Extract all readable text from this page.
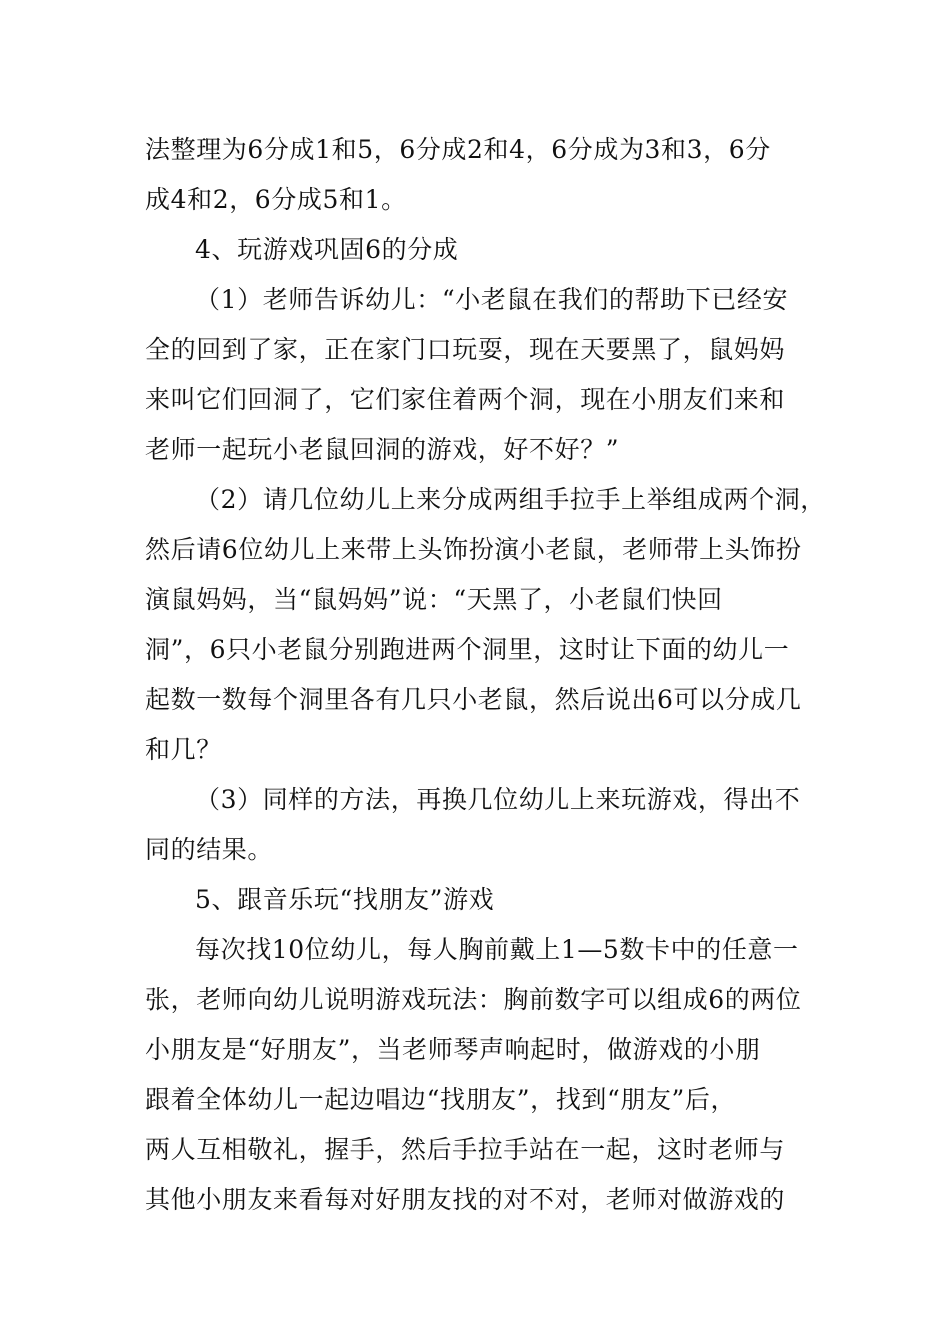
法整理为6分成1和5，6分成2和4，6分成为3和3，6分
成4和2，6分成5和1。
4、玩游戏巩固6的分成
（1）老师告诉幼儿：“小老鼠在我们的帮助下已经安
全的回到了家，正在家门口玩耍，现在天要黑了，鼠妈妈
来叫它们回洞了，它们家住着两个洞，现在小朋友们来和
老师一起玩小老鼠回洞的游戏，好不好？”
（2）请几位幼儿上来分成两组手拉手上举组成两个洞，
然后请6位幼儿上来带上头饰扮演小老鼠，老师带上头饰扮
演鼠妈妈，当“鼠妈妈”说：“天黑了，小老鼠们快回
洞”，6只小老鼠分别跑进两个洞里，这时让下面的幼儿一
起数一数每个洞里各有几只小老鼠，然后说出6可以分成几
和几？
（3）同样的方法，再换几位幼儿上来玩游戏，得出不
同的结果。
5、跟音乐玩“找朋友”游戏
每次找10位幼儿，每人胸前戴上1—5数卡中的任意一
张，老师向幼儿说明游戏玩法：胸前数字可以组成6的两位
小朋友是“好朋友”，当老师琴声响起时，做游戏的小朋
跟着全体幼儿一起边唱边“找朋友”，找到“朋友”后，
两人互相敬礼，握手，然后手拉手站在一起，这时老师与
其他小朋友来看每对好朋友找的对不对，老师对做游戏的
